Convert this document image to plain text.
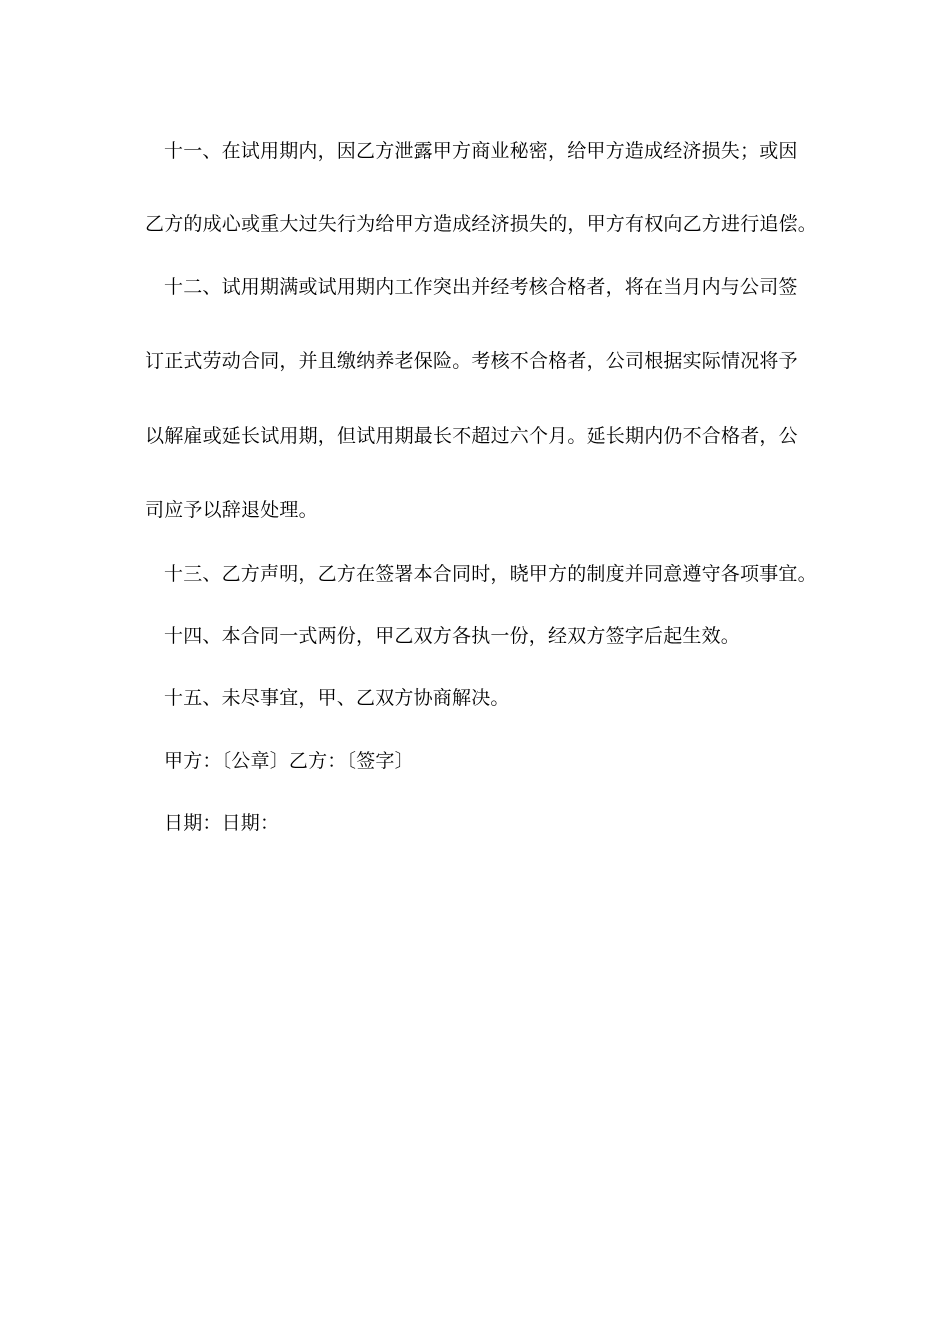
十一、在试用期内，因乙方泄露甲方商业秘密，给甲方造成经济损失；或因
乙方的成心或重大过失行为给甲方造成经济损失的，甲方有权向乙方进行追偿。
十二、试用期满或试用期内工作突出并经考核合格者，将在当月内与公司签
订正式劳动合同，并且缴纳养老保险。考核不合格者，公司根据实际情况将予
以解雇或延长试用期，但试用期最长不超过六个月。延长期内仍不合格者，公
司应予以辞退处理。
十三、乙方声明，乙方在签署本合同时，晓甲方的制度并同意遵守各项事宜。
十四、本合同一式两份，甲乙双方各执一份，经双方签字后起生效。
十五、未尽事宜，甲、乙双方协商解决。
甲方：〔公章〕乙方：〔签字〕
日期：日期：
